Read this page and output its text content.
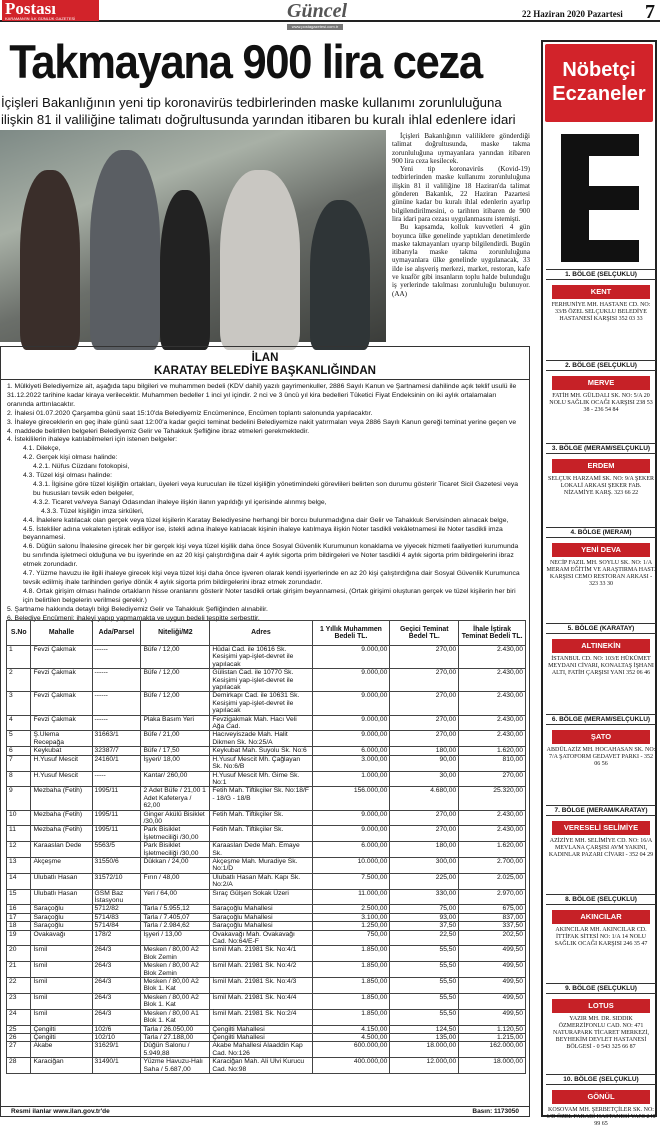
Postası
KARAMAN'IN İLK GÜNLÜK GAZETESİ	Güncel	22 Haziran 2020 Pazartesi 7
www.postagazetesi.com.tr
Takmayana 900 lira ceza
İçişleri Bakanlığının yeni tip koronavirüs tedbirlerinden maske kullanımı zorunluluğuna ilişkin 81 il valiliğine talimatı doğrultusunda yarından itibaren bu kuralı ihlal edenlere idari

İçişleri Bakanlığının valiliklere gönderdiği talimat doğrultusunda, maske takma zorunluluğuna uymayanlara yarından itibaren 900 lira ceza kesilecek.

Yeni tip koronavirüs (Kovid-19) tedbirlerinden maske kullanımı zorunluluğuna ilişkin 81 il valiliğine 18 Haziran'da talimat gönderen Bakanlık, 22 Haziran Pazartesi gününe kadar bu kuralı ihlal edenlerin ayarlıp bilgilendirilmesini, o tarihten itibaren de 900 lira idari para cezası uygulanmasını istemişti.

Bu kapsamda, kolluk kuvvetleri 4 gün boyunca ülke genelinde yaptıkları denetimlerde maske takmayanları uyarıp bilgilendirdi. Bugün itibarıyla maske takma zorunluluğuna uymayanlara ülke genelinde uygulanacak, 33 ilde ise alışveriş merkezi, market, restoran, kafe ve kuaför gibi insanların toplu halde bulunduğu iş yerlerinde takılması zorunluluğu bulunuyor. (AA)

İLAN
KARATAY BELEDİYE BAŞKANLIĞINDAN
1. Mülkiyeti Belediyemize ait, aşağıda tapu bilgileri ve muhammen bedeli (KDV dahil) yazılı gayrimenkuller, 2886 Sayılı Kanun ve Şartnamesi dahilinde açık teklif usulü ile 31.12.2022 tarihine kadar kiraya verilecektir. Muhammen bedeller 1 inci yıl içindir. 2 nci ve 3 üncü yıl kira bedelleri Tüketici Fiyat Endeksinin on iki aylık ortalamaları oranında arttırılacaktır.
2. İhalesi 01.07.2020 Çarşamba günü saat 15:10'da Belediyemiz Encümenince, Encümen toplantı salonunda yapılacaktır.
3. İhaleye gireceklerin en geç ihale günü saat 12:00'a kadar geçici teminat bedelini Belediyemize nakit yatırmaları veya 2886 Sayılı Kanun gereği teminat yerine geçen ve 4. maddede belirtilen belgeleri Belediyemiz Gelir ve Tahakkuk Şefliğine ibraz etmeleri gerekmektedir.
4. İstekililerin ihaleye katılabilmeleri için istenen belgeler:
4.1. Dilekçe,
4.2. Gerçek kişi olması halinde:
4.2.1. Nüfus Cüzdanı fotokopisi,
4.3. Tüzel kişi olması halinde:
4.3.1. İlgisine göre tüzel kişiliğin ortakları, üyeleri veya kurucuları ile tüzel kişiliğin yönetimindeki görevlileri belirten son durumu gösterir Ticaret Sicil Gazetesi veya bu hususları tevsik eden belgeler,
4.3.2. Ticaret ve/veya Sanayi Odasından ihaleye ilişkin ilanın yapıldığı yıl içerisinde alınmış belge,
4.3.3. Tüzel kişiliğin imza sirküleri,
4.4. İhalelere katılacak olan gerçek veya tüzel kişilerin Karatay Belediyesine herhangi bir borcu bulunmadığına dair Gelir ve Tahakkuk Servisinden alınacak belge,
4.5. İstekliler adına vekaleten iştirak ediliyor ise, istekli adına ihaleye katılacak kişinin ihaleye katılmaya ilişkin Noter tasdikli vekâletnamesi ile Noter tasdikli imza beyannamesi.
4.6. Düğün salonu İhalesine girecek her bir gerçek kişi veya tüzel kişilik daha önce Sosyal Güvenlik Kurumunun konaklama ve yiyecek hizmeti faaliyetleri kurumunda bu sınıfında işletmeci olduğuna ve bu işyerinde en az 20 kişi çalıştırdığına dair 4 aylık sigorta prim bildirgeleri ve Noter tasdikli 4 aylık sigorta prim bildirgelerini ibraz etmek zorundadır.
4.7. Yüzme havuzu ile ilgili ihaleye girecek kişi veya tüzel kişi daha önce işveren olarak kendi işyerlerinde en az 20 kişi çalıştırdığına dair Sosyal Güvenlik Kurumunca tevsik edilmiş ihale tarihinden geriye dönük 4 aylık sigorta prim bildirgelerini ibraz etmek zorundadır.
4.8. Ortak girişim olması halinde ortakların hisse oranlarını gösterir Noter tasdikli ortak girişim beyannamesi, (Ortak girişimi oluşturan gerçek ve tüzel kişilerin her biri için belirtilen belgelerin verilmesi gerekir.)
5. Şartname hakkında detaylı bilgi Belediyemiz Gelir ve Tahakkuk Şefliğinden alınabilir.
6. Belediye Encümeni; ihaleyi yapıp yapmamakta ve uygun bedeli tespitte serbesttir.
S.No	Mahalle	Ada/Parsel	Niteliği/M2	Adres	1 Yıllık Muhammen Bedeli TL.	Geçici Teminat Bedel TL.	İhale İştirak Teminat Bedeli TL.
1	Fevzi Çakmak	------	Büfe / 12,00	Hüdai Cad. ile 10616 Sk. Kesişimi yap-işlet-devret ile yapılacak	9.000,00	270,00	2.430,00
2	Fevzi Çakmak	------	Büfe / 12,00	Gülistan Cad. ile 10770 Sk. Kesişimi yap-işlet-devret ile yapılacak	9.000,00	270,00	2.430,00
3	Fevzi Çakmak	------	Büfe / 12,00	Demirkapı Cad. ile 10631 Sk. Kesişimi yap-işlet-devret ile yapılacak	9.000,00	270,00	2.430,00
4	Fevzi Çakmak	------	Plaka Basım Yeri	Fevzigakmak Mah. Hacı Veli Ağa Cad.	9.000,00	270,00	2.430,00
5	Ş.Ulema Recepağa	31663/1	Büfe / 21,00	Hacıveyiszade Mah. Halit Dikmen Sk. No:25/A	9.000,00	270,00	2.430,00
6	Keykubat	32387/7	Büfe / 17,50	Keykubat Mah. Suyolu Sk. No:6	6.000,00	180,00	1.620,00
7	H.Yusuf Mescit	24160/1	İşyeri/ 18,00	H.Yusuf Mescit Mh. Çağlayan Sk. No:6/B	3.000,00	90,00	810,00
8	H.Yusuf Mescit	-----	Kantar/ 260,00	H.Yusuf Mescit Mh. Gime Sk. No:1	1.000,00	30,00	270,00
9	Mezbaha (Fetih)	1995/11	2 Adet Büfe / 21,00 1 Adet Kafeterya / 62,00	Fetih Mah. Tiftikçiler Sk. No:18/F - 18/G - 18/B	156.000,00	4.680,00	25.320,00
10	Mezbaha (Fetih)	1995/11	Ginger Akülü Bisiklet /30,00	Fetih Mah. Tiftikçiler Sk.	9.000,00	270,00	2.430,00
11	Mezbaha (Fetih)	1995/11	Park Bisiklet İşletmeciliği /30,00	Fetih Mah. Tiftikçiler Sk.	9.000,00	270,00	2.430,00
12	Karaaslan Dede	5563/5	Park Bisiklet İşletmeciliği /30,00	Karaaslan Dede Mah. Emaye Sk.	6.000,00	180,00	1.620,00
13	Akçeşme	31550/6	Dükkan / 24,00	Akçeşme Mah. Muradiye Sk. No:1/D	10.000,00	300,00	2.700,00
14	Ulubatlı Hasan	31572/10	Fırın / 48,00	Ulubatlı Hasan Mah. Kapı Sk. No:2/A	7.500,00	225,00	2.025,00
15	Ulubatlı Hasan	GSM Baz İstasyonu	Yeri / 64,00	Sıraç Gülşen Sokak Üzeri	11.000,00	330,00	2.970,00
16	Saraçoğlu	5712/82	Tarla / 5.955,12	Saraçoğlu Mahallesi	2.500,00	75,00	675,00
17	Saraçoğlu	5714/83	Tarla / 7.405,07	Saraçoğlu Mahallesi	3.100,00	93,00	837,00
18	Saraçoğlu	5714/84	Tarla / 2.984,62	Saraçoğlu Mahallesi	1.250,00	37,50	337,50
19	Ovakavağı	178/2	İşyeri / 13,00	Ovakavağı Mah. Ovakavağı Cad. No:64/E-F	750,00	22,50	202,50
20	İsmil	264/3	Mesken / 80,00 A2 Blok Zemin	İsmil Mah. 21981 Sk. No:4/1	1.850,00	55,50	499,50
21	İsmil	264/3	Mesken / 80,00 A2 Blok Zemin	İsmil Mah. 21981 Sk. No:4/2	1.850,00	55,50	499,50
22	İsmil	264/3	Mesken / 80,00 A2 Blok 1. Kat	İsmil Mah. 21981 Sk. No:4/3	1.850,00	55,50	499,50
23	İsmil	264/3	Mesken / 80,00 A2 Blok 1. Kat	İsmil Mah. 21981 Sk. No:4/4	1.850,00	55,50	499,50
24	İsmil	264/3	Mesken / 80,00 A1 Blok 1. Kat	İsmil Mah. 21981 Sk. No:2/4	1.850,00	55,50	499,50
25	Çengilti	102/6	Tarla / 26.050,00	Çengilti Mahallesi	4.150,00	124,50	1.120,50
26	Çengilti	102/10	Tarla / 27.188,00	Çengilti Mahallesi	4.500,00	135,00	1.215,00
27	Akabe	31629/1	Düğün Salonu / 5.949,88	Akabe Mahallesi Alaaddin Kap Cad. No:126	600.000,00	18.000,00	162.000,00
28	Karaciğan	31490/1	Yüzme Havuzu-Halı Saha / 5.687,00	Karaciğan Mah. Ali Ulvi Kurucu Cad. No:98	400.000,00	12.000,00	18.000,00
Resmi ilanlar www.ilan.gov.tr'de	Basın: 1173050
Nöbetçi
Eczaneler
1. BÖLGE (SELÇUKLU)
KENT
FERHUNİYE MH. HASTANE CD. NO: 33/B ÖZEL SELÇUKLU BELEDİYE HASTANESİ KARŞISI 352 03 33
2. BÖLGE (SELÇUKLU)
MERVE
FATİH MH. GÜLDALI SK. NO: 5/A 20 NOLU SAĞLIK OCAĞI KARŞISI 238 53 38 - 236 54 84
3. BÖLGE (MERAM/SELÇUKLU)
ERDEM
SELÇUK HARZAMİ SK. NO: 9/A ŞEKER LOKALİ ARKASI ŞEKER FAB. NİZAMİYE KARŞ. 323 66 22
4. BÖLGE (MERAM)
YENİ DEVA
NECİP FAZIL MH. SOYLU SK. NO: 1/A MERAM EĞİTİM VE ARAŞTIRMA HAST. KARŞISI CEMO RESTORAN ARKASI - 323 33 30
5. BÖLGE (KARATAY)
ALTINEKİN
İSTANBUL CD. NO: 103/E HÜKÜMET MEYDANI CİVARI, KONALTAŞ İŞHANI ALTI, FATİH ÇARŞISI YANI 352 06 46
6. BÖLGE (MERAM/SELÇUKLU)
ŞATO
ABDÜLAZİZ MH. HOCAHASAN SK. NO: 7/A ŞATOFORM GEDAVET PARKI - 352 06 56
7. BÖLGE (MERAM/KARATAY)
VERESELİ SELİMİYE
AZİZİYE MH. SELİMİYE CD. NO: 16/A MEVLANA ÇARŞISI AVM YAKINI, KADINLAR PAZARI CİVARI - 352 04 29
8. BÖLGE (SELÇUKLU)
AKINCILAR
AKINCILAR MH. AKINCILAR CD. İTTİFAK SİTESİ NO: 1/A 14 NOLU SAĞLIK OCAĞI KARŞISI 246 35 47
9. BÖLGE (SELÇUKLU)
LOTUS
YAZIR MH. DR. SIDDIK ÖZMERZİFONLU CAD. NO: 471 NATURAPARK TİCARET MERKEZİ, BEYHEKİM DEVLET HASTANESİ BÖLGESİ - 0 543 325 66 87
10. BÖLGE (SELÇUKLU)
GÖNÜL
KOSOVAM MH. ŞERBETÇİLER SK. NO: 1/D ÖZEL FARABİ HASTANESİ YANI 248 99 65
